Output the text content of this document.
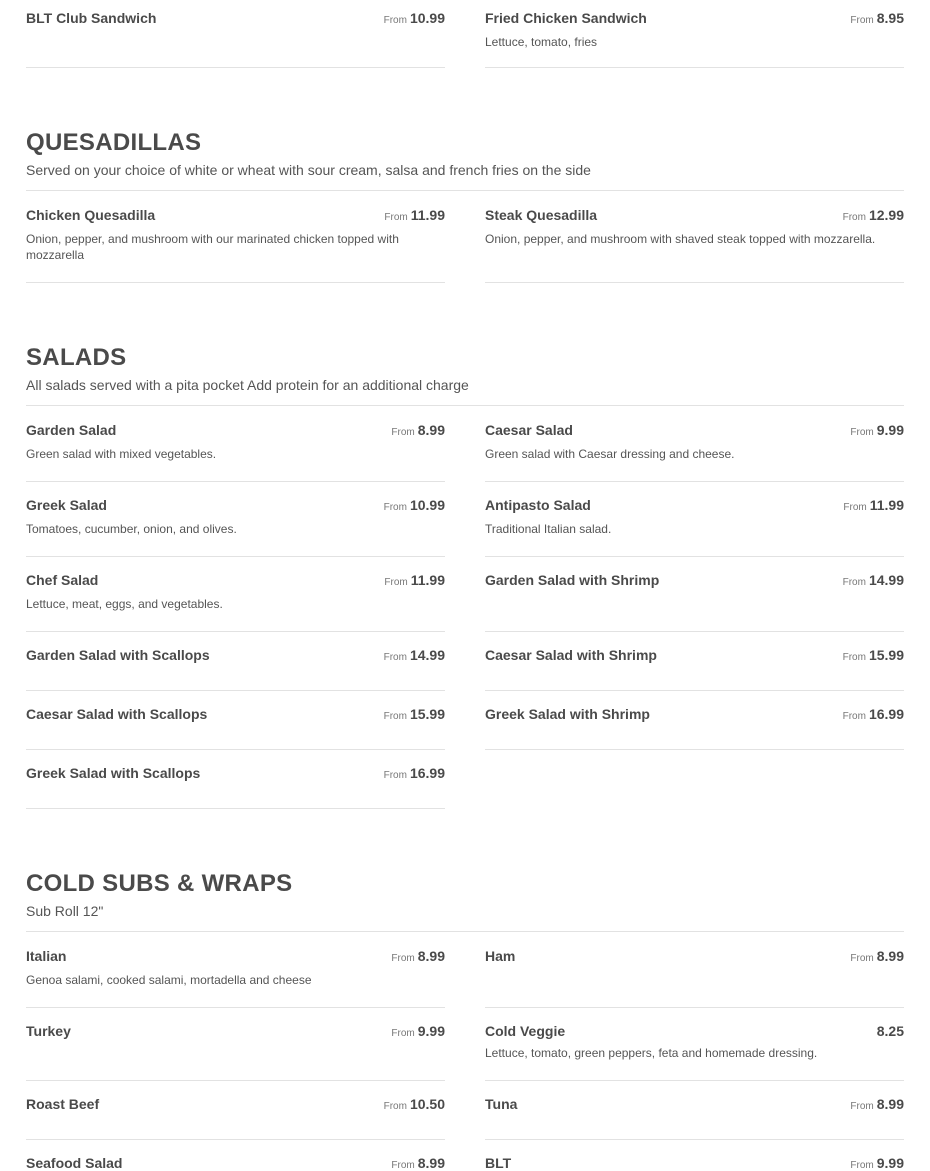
BLT Club Sandwich	From 10.99	Fried Chicken Sandwich	From 8.95
Lettuce, tomato, fries
QUESADILLAS
Served on your choice of white or wheat with sour cream, salsa and french fries on the side
Chicken Quesadilla	From 11.99
Onion, pepper, and mushroom with our marinated chicken topped with mozzarella
Steak Quesadilla	From 12.99
Onion, pepper, and mushroom with shaved steak topped with mozzarella.
SALADS
All salads served with a pita pocket Add protein for an additional charge
Garden Salad	From 8.99
Green salad with mixed vegetables.
Caesar Salad	From 9.99
Green salad with Caesar dressing and cheese.
Greek Salad	From 10.99
Tomatoes, cucumber, onion, and olives.
Antipasto Salad	From 11.99
Traditional Italian salad.
Chef Salad	From 11.99
Lettuce, meat, eggs, and vegetables.
Garden Salad with Shrimp	From 14.99
Garden Salad with Scallops	From 14.99	Caesar Salad with Shrimp	From 15.99
Caesar Salad with Scallops	From 15.99	Greek Salad with Shrimp	From 16.99
Greek Salad with Scallops	From 16.99
COLD SUBS & WRAPS
Sub Roll 12"
Italian	From 8.99
Genoa salami, cooked salami, mortadella and cheese
Ham	From 8.99
Turkey	From 9.99	Cold Veggie	8.25
Lettuce, tomato, green peppers, feta and homemade dressing.
Roast Beef	From 10.50	Tuna	From 8.99
Seafood Salad	From 8.99	BLT	From 9.99
